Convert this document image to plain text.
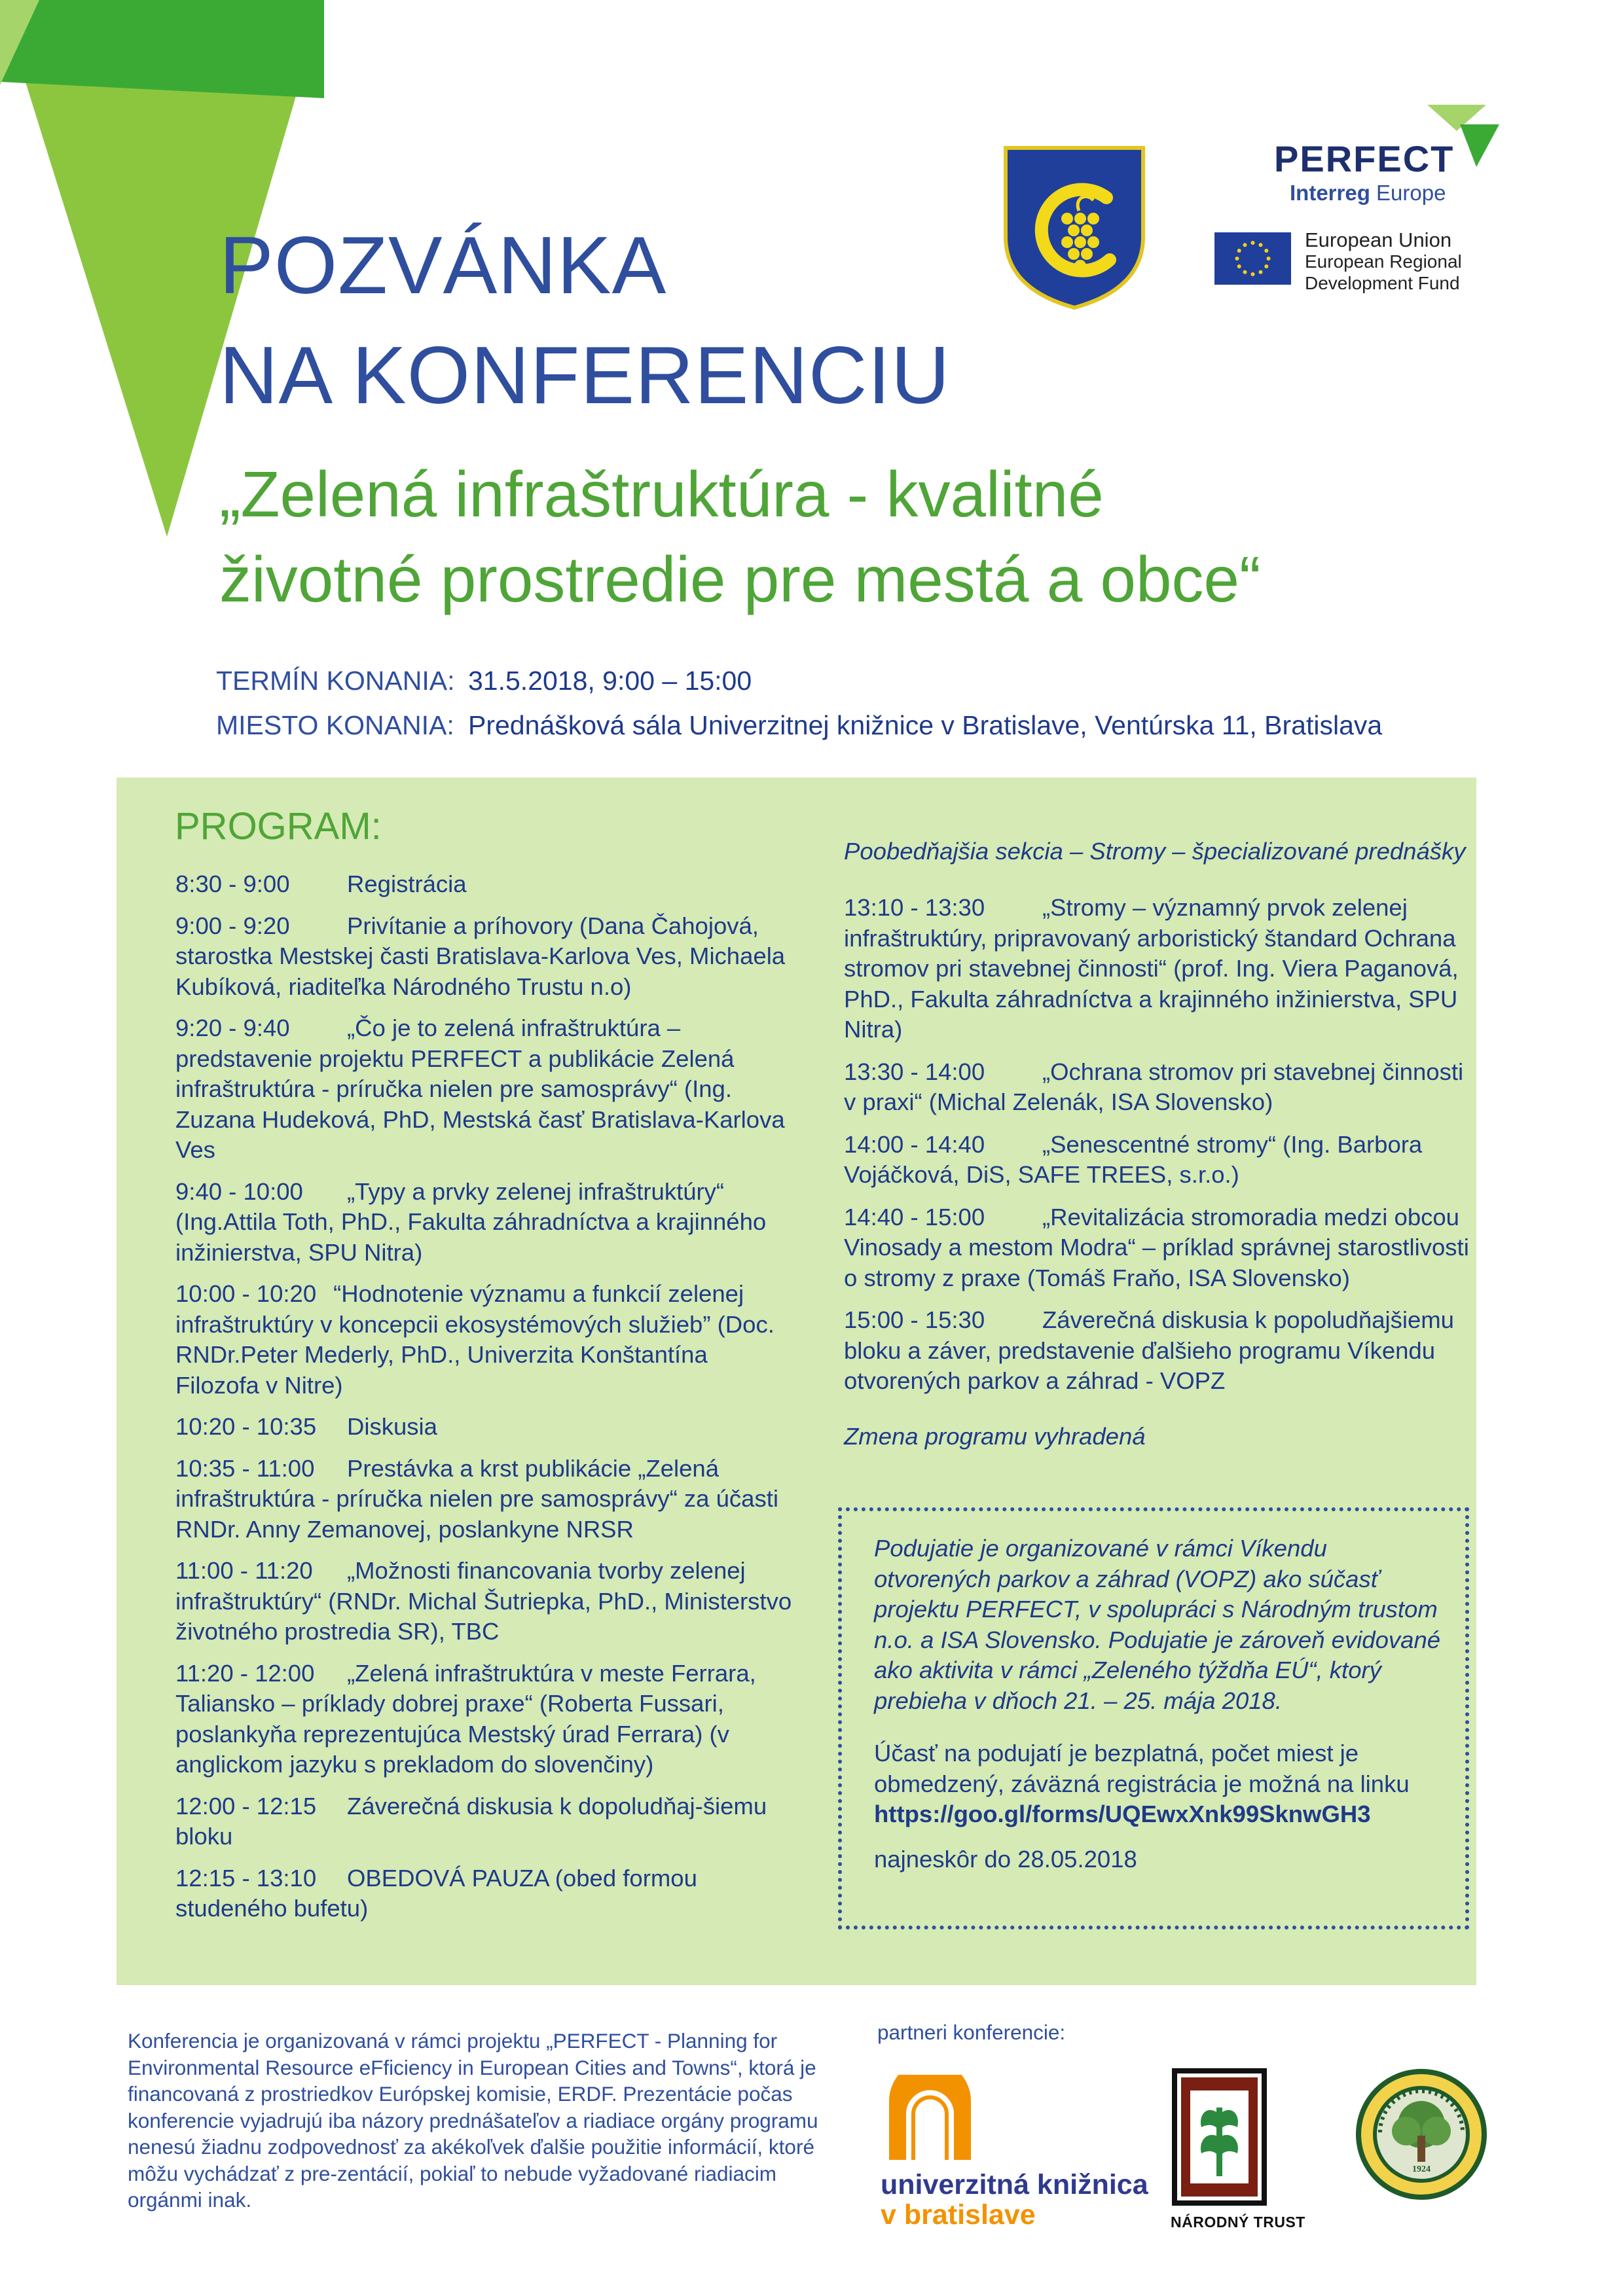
PERFECT
Interreg Europe
European Union
European Regional
Development Fund
POZVÁNKA
NA KONFERENCIU
„Zelená infraštruktúra - kvalitné
životné prostredie pre mestá a obce“
TERMÍN KONANIA: 31.5.2018, 9:00 – 15:00
MIESTO KONANIA: Prednášková sála Univerzitnej knižnice v Bratislave, Ventúrska 11, Bratislava
PROGRAM:
8:30 - 9:00 Registrácia
9:00 - 9:20 Privítanie a príhovory (Dana Čahojová, starostka Mestskej časti Bratislava-Karlova Ves, Michaela Kubíková, riaditeľka Národného Trustu n.o)
9:20 - 9:40 „Čo je to zelená infraštruktúra – predstavenie projektu PERFECT a publikácie Zelená infraštruktúra - príručka nielen pre samosprávy“ (Ing. Zuzana Hudeková, PhD, Mestská časť Bratislava-Karlova Ves
9:40 - 10:00 „Typy a prvky zelenej infraštruktúry“ (Ing.Attila Toth, PhD., Fakulta záhradníctva a krajinného inžinierstva, SPU Nitra)
10:00 - 10:20 “Hodnotenie významu a funkcií zelenej infraštruktúry v koncepcii ekosystémových služieb” (Doc. RNDr.Peter Mederly, PhD., Univerzita Konštantína Filozofa v Nitre)
10:20 - 10:35 Diskusia
10:35 - 11:00 Prestávka a krst publikácie „Zelená infraštruktúra - príručka nielen pre samosprávy“ za účasti RNDr. Anny Zemanovej, poslankyne NRSR
11:00 - 11:20 „Možnosti financovania tvorby zelenej infraštruktúry“ (RNDr. Michal Šutriepka, PhD., Ministerstvo životného prostredia SR), TBC
11:20 - 12:00 „Zelená infraštruktúra v meste Ferrara, Taliansko – príklady dobrej praxe“ (Roberta Fussari, poslankyňa reprezentujúca Mestský úrad Ferrara) (v anglickom jazyku s prekladom do slovenčiny)
12:00 - 12:15 Záverečná diskusia k dopoludňaj-šiemu bloku
12:15 - 13:10 OBEDOVÁ PAUZA (obed formou studeného bufetu)
Poobedňajšia sekcia – Stromy – špecializované prednášky
13:10 - 13:30 „Stromy – významný prvok zelenej infraštruktúry, pripravovaný arboristický štandard Ochrana stromov pri stavebnej činnosti“ (prof. Ing. Viera Paganová, PhD., Fakulta záhradníctva a krajinného inžinierstva, SPU Nitra)
13:30 - 14:00 „Ochrana stromov pri stavebnej činnosti v praxi“ (Michal Zelenák, ISA Slovensko)
14:00 - 14:40 „Senescentné stromy“ (Ing. Barbora Vojáčková, DiS, SAFE TREES, s.r.o.)
14:40 - 15:00 „Revitalizácia stromoradia medzi obcou Vinosady a mestom Modra“ – príklad správnej starostlivosti o stromy z praxe (Tomáš Fraňo, ISA Slovensko)
15:00 - 15:30 Záverečná diskusia k popoludňajšiemu bloku a záver, predstavenie ďalšieho programu Víkendu otvorených parkov a záhrad - VOPZ
Zmena programu vyhradená

Podujatie je organizované v rámci Víkendu otvorených parkov a záhrad (VOPZ) ako súčasť projektu PERFECT, v spolupráci s Národným trustom n.o. a ISA Slovensko. Podujatie je zároveň evidované ako aktivita v rámci „Zeleného týždňa EÚ“, ktorý prebieha v dňoch 21. – 25. mája 2018.

Účasť na podujatí je bezplatná, počet miest je obmedzený, záväzná registrácia je možná na linku
https://goo.gl/forms/UQEwxXnk99SknwGH3

najneskôr do 28.05.2018

Konferencia je organizovaná v rámci projektu „PERFECT - Planning for Environmental Resource eFficiency in European Cities and Towns“, ktorá je financovaná z prostriedkov Európskej komisie, ERDF. Prezentácie počas konferencie vyjadrujú iba názory prednášateľov a riadiace orgány programu nenesú žiadnu zodpovednosť za akékoľvek ďalšie použitie informácií, ktoré môžu vychádzať z pre-zentácií, pokiaľ to nebude vyžadované riadiacim orgánmi inak.
partneri konferencie:
univerzitná knižnica
v bratislave	NÁRODNÝ TRUST
1924
